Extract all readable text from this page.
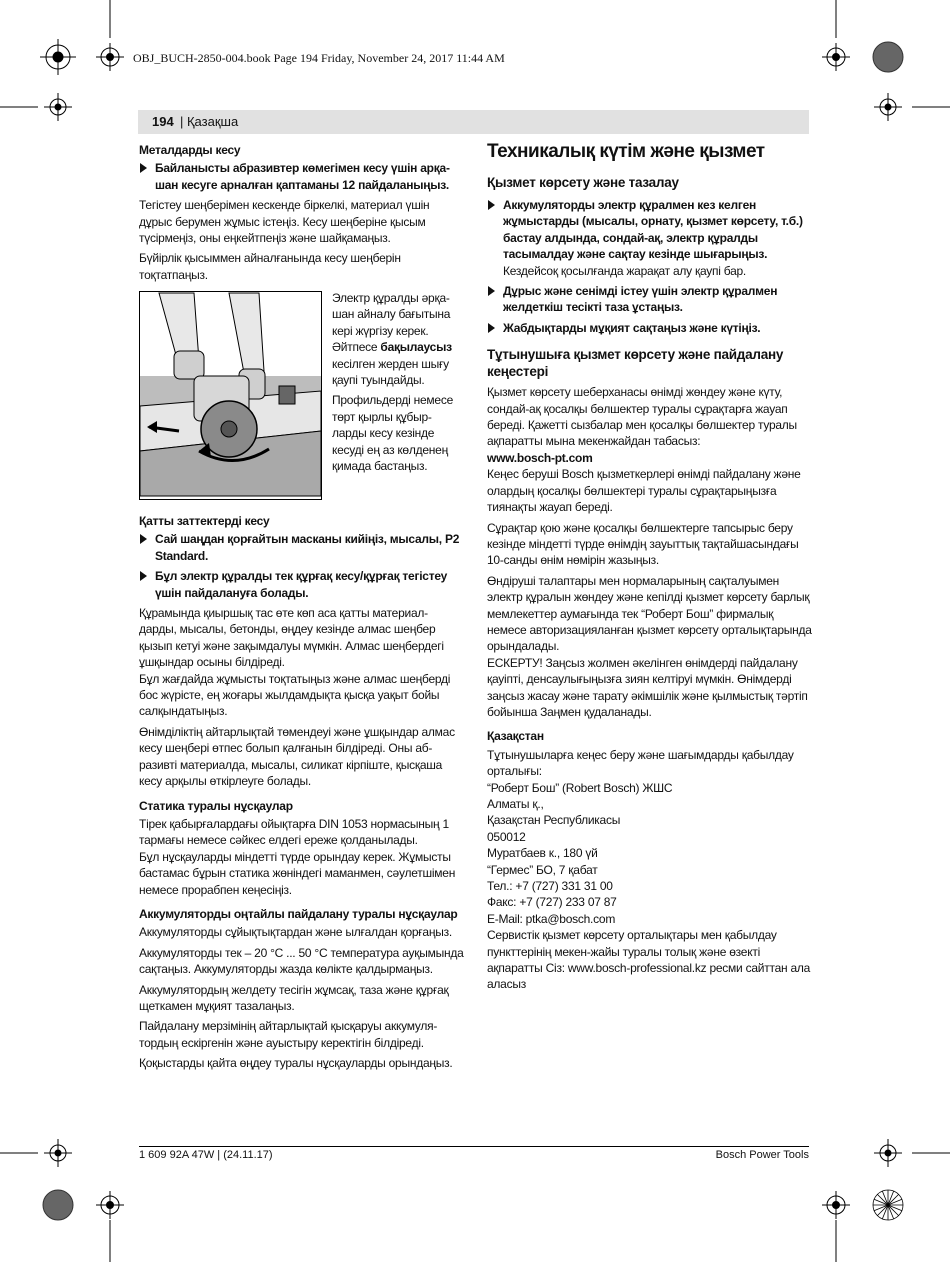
OBJ_BUCH-2850-004.book Page 194 Friday, November 24, 2017 11:44 AM
194 | Қазақша

Металдарды кесу

Байланысты абразивтер көмегімен кесу үшін арқа-шан кесуге арналған қаптаманы 12 пайдаланыңыз.

Тегістеу шеңберімен кескенде біркелкі, материал үшін дұрыс берумен жұмыс істеңіз. Кесу шеңберіне қысым түсірмеңіз, оны еңкейтпеңіз және шайқамаңыз.

Бүйірлік қысыммен айналғанында кесу шеңберін тоқтатпаңыз.

Электр құралды әрқа-шан айналу бағытына кері жүргізу керек. Әйтпесе бақылаусыз кесілген жерден шығу қаупі туындайды.

Профильдерді немесе төрт қырлы құбыр-ларды кесу кезінде кесуді ең аз көлденең қимада бастаңыз.

Қатты заттектерді кесу

Сай шаңдан қорғайтын масканы кийіңіз, мысалы, P2 Standard.
Бұл электр құралды тек құрғақ кесу/құрғақ тегістеу үшін пайдалануға болады.

Құрамында қиыршық тас өте көп аса қатты материал-дарды, мысалы, бетонды, өңдеу кезінде алмас шеңбер қызып кетуі және зақымдалуы мүмкін. Алмас шеңбердегі ұшқындар осыны білдіреді.

Бұл жағдайда жұмысты тоқтатыңыз және алмас шеңберді бос жүрісте, ең жоғары жылдамдықта қысқа уақыт бойы салқындатыңыз.

Өнімділіктің айтарлықтай төмендеуі және ұшқындар алмас кесу шеңбері өтпес болып қалғанын білдіреді. Оны аб-разивті материалда, мысалы, силикат кірпіште, қысқаша кесу арқылы өткірлеуге болады.

Статика туралы нұсқаулар

Тірек қабырғалардағы ойықтарға DIN 1053 нормасының 1 тармағы немесе сәйкес елдегі ереже қолданылады.

Бұл нұсқауларды міндетті түрде орындау керек. Жұмысты бастамас бұрын статика жөніндегі маманмен, сәулетшімен немесе прорабпен кеңесіңіз.

Аккумуляторды оңтайлы пайдалану туралы нұсқаулар

Аккумуляторды сұйықтықтардан және ылғалдан қорғаңыз.

Аккумуляторды тек – 20 °C ... 50 °C температура ауқымында сақтаңыз. Аккумуляторды жазда көлікте қалдырмаңыз.

Аккумулятордың желдету тесігін жұмсақ, таза және құрғақ щеткамен мұқият тазалаңыз.

Пайдалану мерзімінің айтарлықтай қысқаруы аккумуля-тордың ескіргенін және ауыстыру керектігін білдіреді.

Қоқыстарды қайта өңдеу туралы нұсқауларды орындаңыз.

Техникалық күтім және қызмет

Қызмет көрсету және тазалау

Аккумуляторды электр құралмен кез келген жұмыстарды (мысалы, орнату, қызмет көрсету, т.б.) бастау алдында, сондай-ақ, электр құралды тасымалдау және сақтау кезінде шығарыңыз.

Кездейсоқ қосылғанда жарақат алу қаупі бар.

Дұрыс және сенімді істеу үшін электр құралмен желдеткіш тесікті таза ұстаңыз.
Жабдықтарды мұқият сақтаңыз және күтіңіз.

Тұтынушыға қызмет көрсету және пайдалану кеңестері

Қызмет көрсету шеберханасы өнімді жөндеу және күту, сондай-ақ қосалқы бөлшектер туралы сұрақтарға жауап береді. Қажетті сызбалар мен қосалқы бөлшектер туралы ақпаратты мына мекенжайдан табасыз:

www.bosch-pt.com

Кеңес беруші Bosch қызметкерлері өнімді пайдалану және олардың қосалқы бөлшектері туралы сұрақтарыңызға тиянақты жауап береді.

Сұрақтар қою және қосалқы бөлшектерге тапсырыс беру кезінде міндетті түрде өнімдің зауыттық тақтайшасындағы 10-санды өнім нөмірін жазыңыз.

Өндіруші талаптары мен нормаларының сақталуымен электр құралын жөндеу және кепілді қызмет көрсету барлық мемлекеттер аумағында тек “Роберт Бош” фирмалық немесе авторизацияланған қызмет көрсету орталықтарында орындалады.

ЕСКЕРТУ! Заңсыз жолмен әкелінген өнімдерді пайдалану қауіпті, денсаулығыңызға зиян келтіруі мүмкін. Өнімдерді заңсыз жасау және тарату әкімшілік және қылмыстық тәртіп бойынша Заңмен қудаланады.

Қазақстан

Тұтынушыларға кеңес беру және шағымдарды қабылдау орталығы:
“Роберт Бош” (Robert Bosch) ЖШС
Алматы қ.,
Қазақстан Республикасы
050012
Муратбаев к., 180 үй
“Гермес” БО, 7 қабат
Тел.: +7 (727) 331 31 00
Факс: +7 (727) 233 07 87
E-Mail: ptka@bosch.com
Сервистік қызмет көрсету орталықтары мен қабылдау пункттерінің мекен-жайы туралы толық және өзекті ақпаратты Сіз: www.bosch-professional.kz ресми сайттан ала аласыз
1 609 92A 47W | (24.11.17)	Bosch Power Tools
